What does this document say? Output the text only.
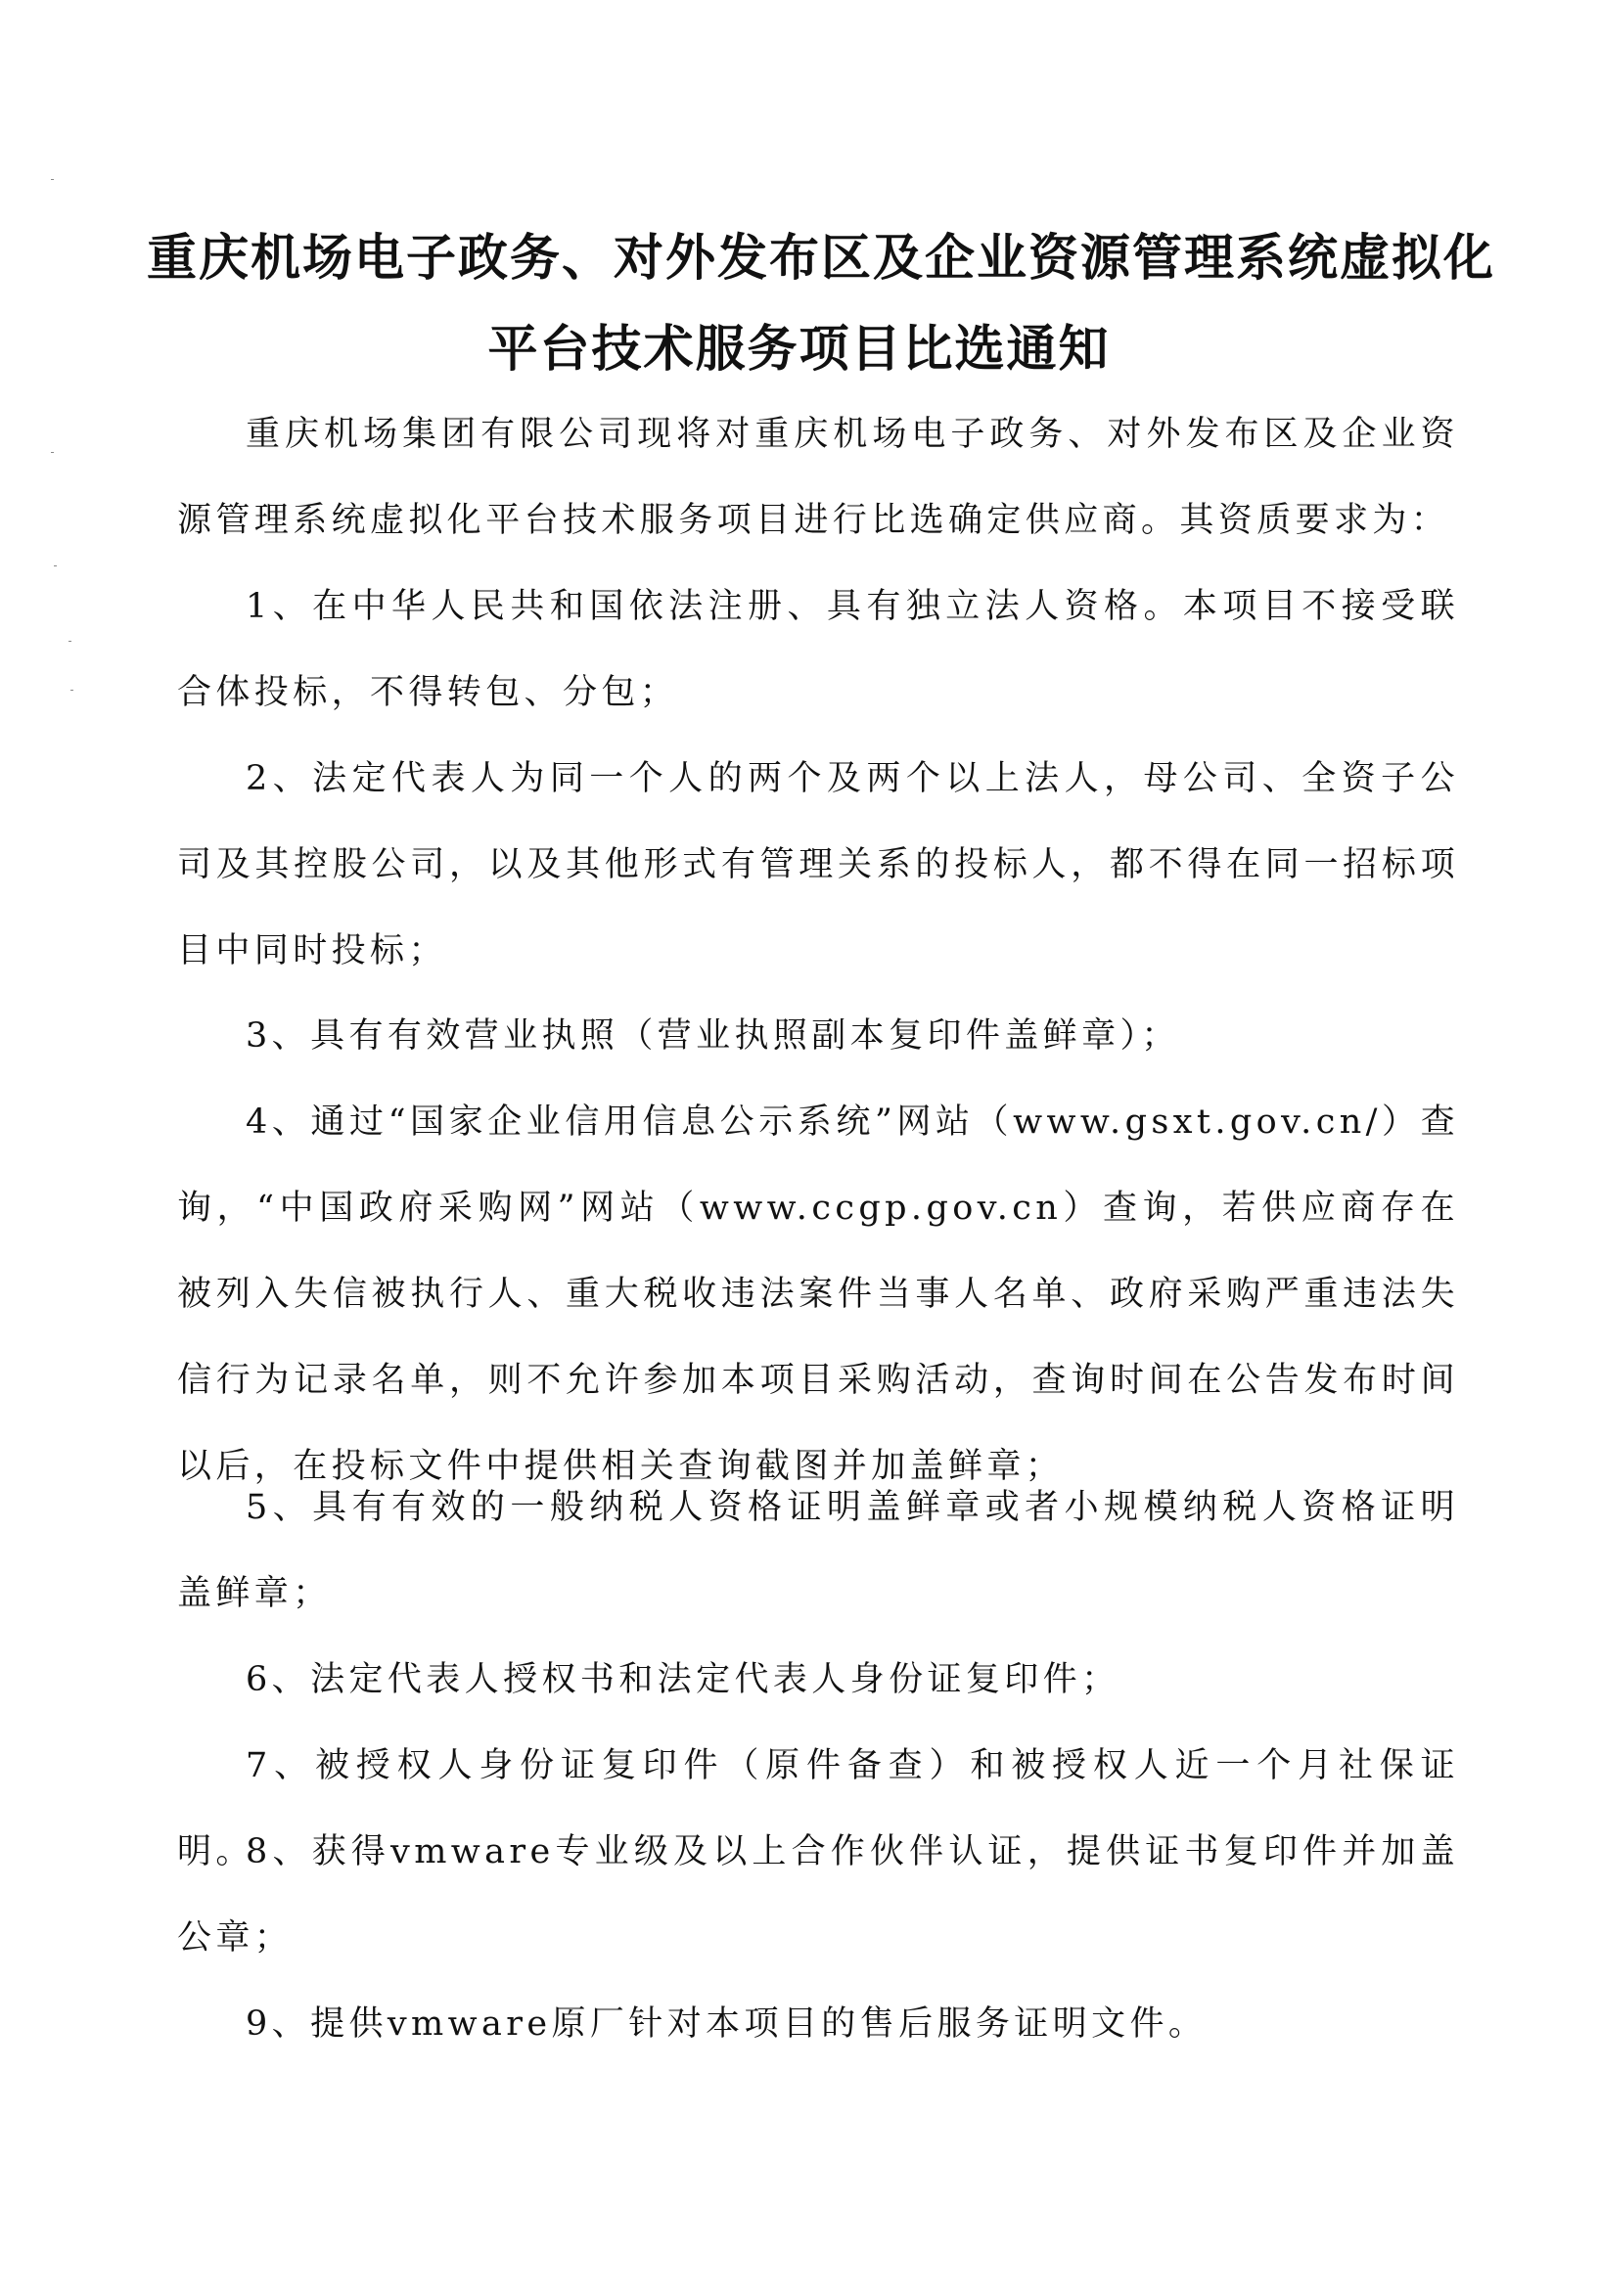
重庆机场电子政务、对外发布区及企业资源管理系统虚拟化
平台技术服务项目比选通知

重庆机场集团有限公司现将对重庆机场电子政务、对外发布区及企业资源管理系统虚拟化平台技术服务项目进行比选确定供应商。其资质要求为：

1、在中华人民共和国依法注册、具有独立法人资格。本项目不接受联合体投标，不得转包、分包；

2、法定代表人为同一个人的两个及两个以上法人，母公司、全资子公司及其控股公司，以及其他形式有管理关系的投标人，都不得在同一招标项目中同时投标；

3、具有有效营业执照（营业执照副本复印件盖鲜章）；

4、通过“国家企业信用信息公示系统”网站（www.gsxt.gov.cn/）查询，“中国政府采购网”网站（www.ccgp.gov.cn）查询，若供应商存在被列入失信被执行人、重大税收违法案件当事人名单、政府采购严重违法失信行为记录名单，则不允许参加本项目采购活动，查询时间在公告发布时间以后，在投标文件中提供相关查询截图并加盖鲜章；

5、具有有效的一般纳税人资格证明盖鲜章或者小规模纳税人资格证明盖鲜章；

6、法定代表人授权书和法定代表人身份证复印件；

7、被授权人身份证复印件（原件备查）和被授权人近一个月社保证明。

8、获得vmware专业级及以上合作伙伴认证，提供证书复印件并加盖公章；

9、提供vmware原厂针对本项目的售后服务证明文件。
